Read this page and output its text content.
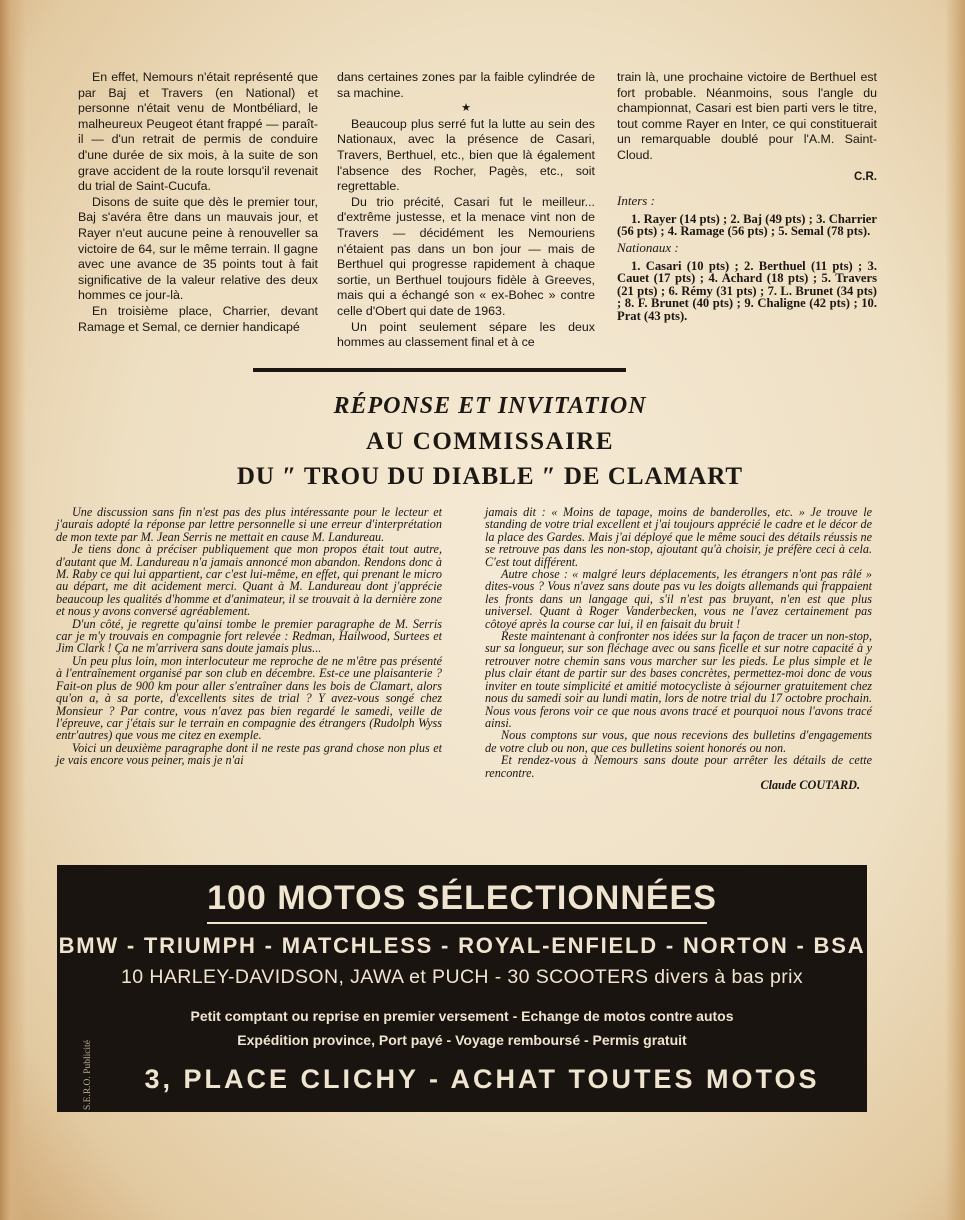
En effet, Nemours n'était représenté que par Baj et Travers (en National) et personne n'était venu de Montbéliard, le malheureux Peugeot étant frappé — paraît-il — d'un retrait de permis de conduire d'une durée de six mois, à la suite de son grave accident de la route lorsqu'il revenait du trial de Saint-Cucufa.

Disons de suite que dès le premier tour, Baj s'avéra être dans un mauvais jour, et Rayer n'eut aucune peine à renouveller sa victoire de 64, sur le même terrain. Il gagne avec une avance de 35 points tout à fait significative de la valeur relative des deux hommes ce jour-là.

En troisième place, Charrier, devant Ramage et Semal, ce dernier handicapé

dans certaines zones par la faible cylindrée de sa machine.

★

Beaucoup plus serré fut la lutte au sein des Nationaux, avec la présence de Casari, Travers, Berthuel, etc., bien que là également l'absence des Rocher, Pagès, etc., soit regrettable.

Du trio précité, Casari fut le meilleur... d'extrême justesse, et la menace vint non de Travers — décidément les Nemouriens n'étaient pas dans un bon jour — mais de Berthuel qui progresse rapidement à chaque sortie, un Berthuel toujours fidèle à Greeves, mais qui a échangé son « ex-Bohec » contre celle d'Obert qui date de 1963.

Un point seulement sépare les deux hommes au classement final et à ce

train là, une prochaine victoire de Berthuel est fort probable. Néanmoins, sous l'angle du championnat, Casari est bien parti vers le titre, tout comme Rayer en Inter, ce qui constituerait un remarquable doublé pour l'A.M. Saint-Cloud.

C.R.
Inters :

1. Rayer (14 pts) ; 2. Baj (49 pts) ; 3. Charrier (56 pts) ; 4. Ramage (56 pts) ; 5. Semal (78 pts).

Nationaux :

1. Casari (10 pts) ; 2. Berthuel (11 pts) ; 3. Cauet (17 pts) ; 4. Achard (18 pts) ; 5. Travers (21 pts) ; 6. Rémy (31 pts) ; 7. L. Brunet (34 pts) ; 8. F. Brunet (40 pts) ; 9. Chaligne (42 pts) ; 10. Prat (43 pts).

RÉPONSE ET INVITATION
AU COMMISSAIRE
DU ″ TROU DU DIABLE ″ DE CLAMART

Une discussion sans fin n'est pas des plus intéressante pour le lecteur et j'aurais adopté la réponse par lettre personnelle si une erreur d'interprétation de mon texte par M. Jean Serris ne mettait en cause M. Landureau.

Je tiens donc à préciser publiquement que mon propos était tout autre, d'autant que M. Landureau n'a jamais annoncé mon abandon. Rendons donc à M. Raby ce qui lui appartient, car c'est lui-même, en effet, qui prenant le micro au départ, me dit acidement merci. Quant à M. Landureau dont j'apprécie beaucoup les qualités d'homme et d'animateur, il se trouvait à la dernière zone et nous y avons conversé agréablement.

D'un côté, je regrette qu'ainsi tombe le premier paragraphe de M. Serris car je m'y trouvais en compagnie fort relevée : Redman, Hailwood, Surtees et Jim Clark ! Ça ne m'arrivera sans doute jamais plus...

Un peu plus loin, mon interlocuteur me reproche de ne m'être pas présenté à l'entraînement organisé par son club en décembre. Est-ce une plaisanterie ? Fait-on plus de 900 km pour aller s'entraîner dans les bois de Clamart, alors qu'on a, à sa porte, d'excellents sites de trial ? Y avez-vous songé chez Monsieur ? Par contre, vous n'avez pas bien regardé le samedi, veille de l'épreuve, car j'étais sur le terrain en compagnie des étrangers (Rudolph Wyss entr'autres) que vous me citez en exemple.

Voici un deuxième paragraphe dont il ne reste pas grand chose non plus et je vais encore vous peiner, mais je n'ai

jamais dit : « Moins de tapage, moins de banderolles, etc. » Je trouve le standing de votre trial excellent et j'ai toujours apprécié le cadre et le décor de la place des Gardes. Mais j'ai déployé que le même souci des détails réussis ne se retrouve pas dans les non-stop, ajoutant qu'à choisir, je préfère ceci à cela. C'est tout différent.

Autre chose : « malgré leurs déplacements, les étrangers n'ont pas râlé » dites-vous ? Vous n'avez sans doute pas vu les doigts allemands qui frappaient les fronts dans un langage qui, s'il n'est pas bruyant, n'en est que plus universel. Quant à Roger Vanderbecken, vous ne l'avez certainement pas côtoyé après la course car lui, il en faisait du bruit !

Reste maintenant à confronter nos idées sur la façon de tracer un non-stop, sur sa longueur, sur son fléchage avec ou sans ficelle et sur notre capacité à y retrouver notre chemin sans vous marcher sur les pieds. Le plus simple et le plus clair étant de partir sur des bases concrètes, permettez-moi donc de vous inviter en toute simplicité et amitié motocycliste à séjourner gratuitement chez nous du samedi soir au lundi matin, lors de notre trial du 17 octobre prochain. Nous vous ferons voir ce que nous avons tracé et pourquoi nous l'avons tracé ainsi.

Nous comptons sur vous, que nous recevions des bulletins d'engagements de votre club ou non, que ces bulletins soient honorés ou non.

Et rendez-vous à Nemours sans doute pour arrêter les détails de cette rencontre.

Claude COUTARD.

100 MOTOS SÉLECTIONNÉES
BMW - TRIUMPH - MATCHLESS - ROYAL-ENFIELD - NORTON - BSA
10 HARLEY-DAVIDSON, JAWA et PUCH - 30 SCOOTERS divers à bas prix
Petit comptant ou reprise en premier versement - Echange de motos contre autos
Expédition province, Port payé - Voyage remboursé - Permis gratuit
3, PLACE CLICHY - ACHAT TOUTES MOTOS
S.E.R.O. Publicité
